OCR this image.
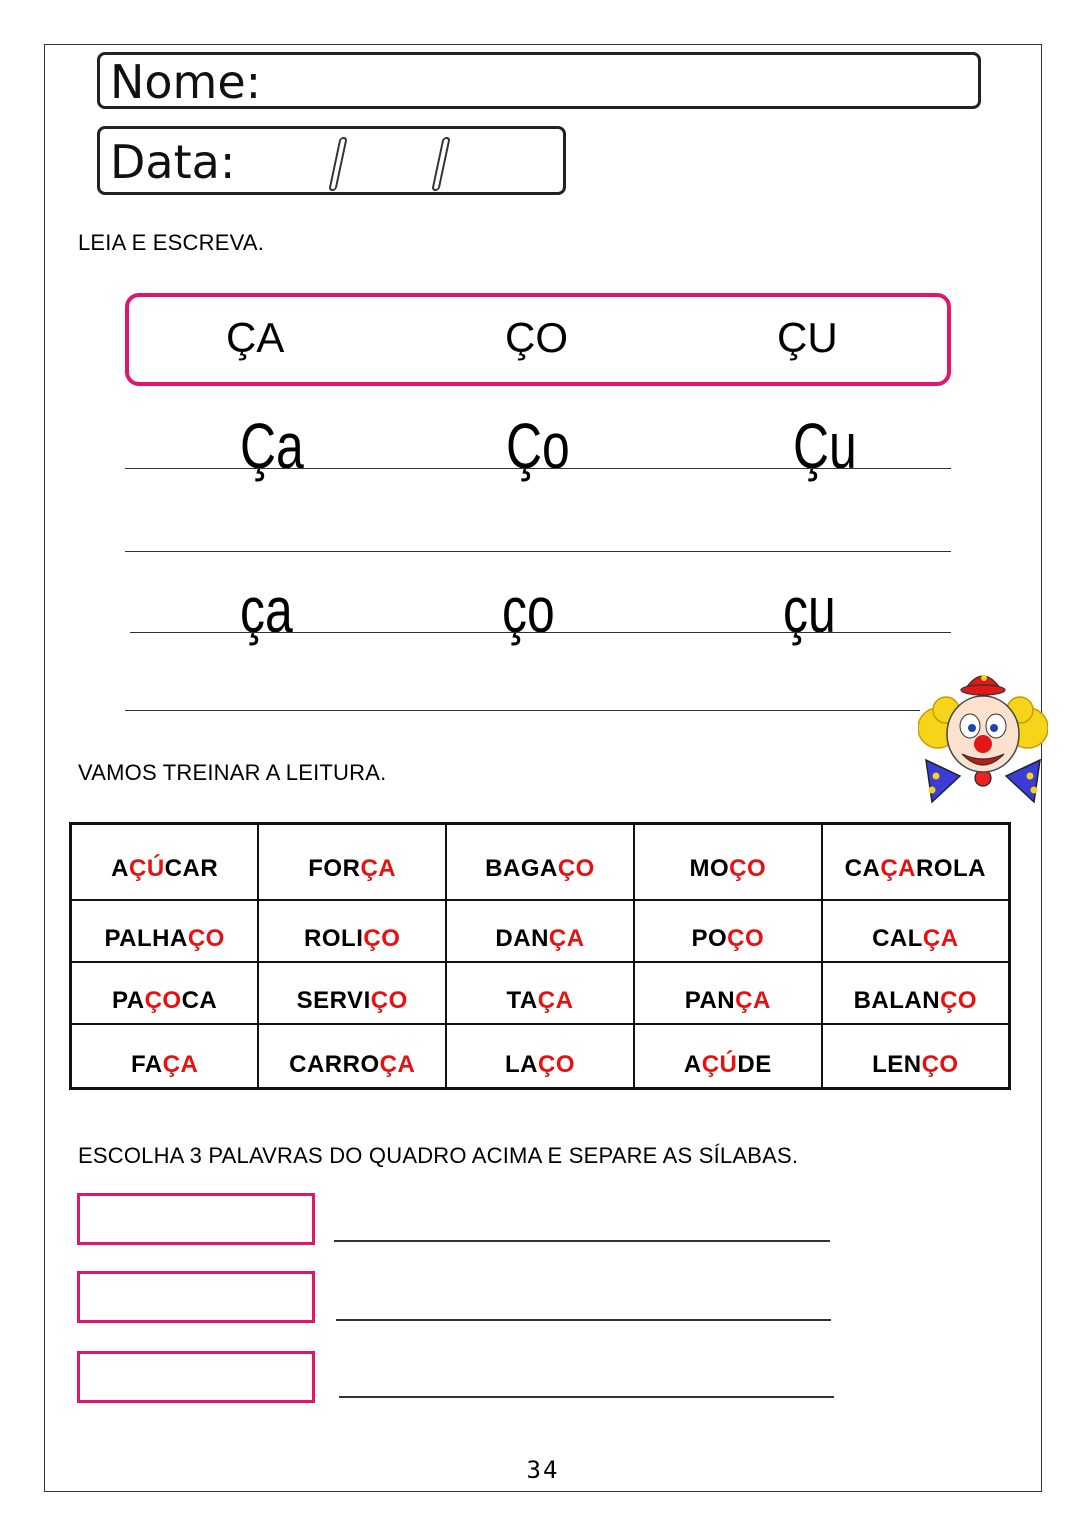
Nome:
Data:
LEIA E ESCREVA.
ÇA	ÇO	ÇU
Ça	Ço	Çu
ça	ço	çu
VAMOS TREINAR A LEITURA.
AÇÚCAR	FORÇA	BAGAÇO	MOÇO	CAÇAROLA
PALHAÇO	ROLIÇO	DANÇA	POÇO	CALÇA
PAÇOCA	SERVIÇO	TAÇA	PANÇA	BALANÇO
FAÇA	CARROÇA	LAÇO	AÇÚDE	LENÇO
ESCOLHA 3 PALAVRAS DO QUADRO ACIMA E SEPARE AS SÍLABAS.
34
